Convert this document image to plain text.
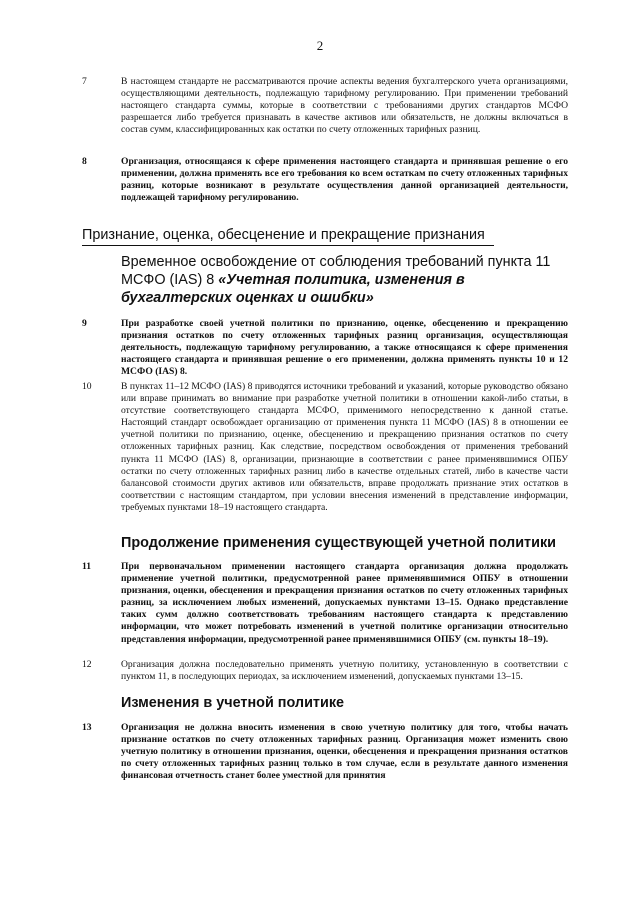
2
7	В настоящем стандарте не рассматриваются прочие аспекты ведения бухгалтерского учета организациями, осуществляющими деятельность, подлежащую тарифному регулированию. При применении требований настоящего стандарта суммы, которые в соответствии с требованиями других стандартов МСФО разрешается либо требуется признавать в качестве активов или обязательств, не должны включаться в состав сумм, классифицированных как остатки по счету отложенных тарифных разниц.
8	Организация, относящаяся к сфере применения настоящего стандарта и принявшая решение о его применении, должна применять все его требования ко всем остаткам по счету отложенных тарифных разниц, которые возникают в результате осуществления данной организацией деятельности, подлежащей тарифному регулированию.
Признание, оценка, обесценение и прекращение признания
Временное освобождение от соблюдения требований пункта 11 МСФО (IAS) 8 «Учетная политика, изменения в бухгалтерских оценках и ошибки»
9	При разработке своей учетной политики по признанию, оценке, обесценению и прекращению признания остатков по счету отложенных тарифных разниц организация, осуществляющая деятельность, подлежащую тарифному регулированию, а также относящаяся к сфере применения настоящего стандарта и принявшая решение о его применении, должна применять пункты 10 и 12 МСФО (IAS) 8.
10	В пунктах 11–12 МСФО (IAS) 8 приводятся источники требований и указаний, которые руководство обязано или вправе принимать во внимание при разработке учетной политики в отношении какой-либо статьи, в отсутствие соответствующего стандарта МСФО, применимого непосредственно к данной статье. Настоящий стандарт освобождает организацию от применения пункта 11 МСФО (IAS) 8 в отношении ее учетной политики по признанию, оценке, обесценению и прекращению признания остатков по счету отложенных тарифных разниц. Как следствие, посредством освобождения от применения требований пункта 11 МСФО (IAS) 8, организации, признающие в соответствии с ранее применявшимися ОПБУ остатки по счету отложенных тарифных разниц либо в качестве отдельных статей, либо в качестве части балансовой стоимости других активов или обязательств, вправе продолжать признание этих остатков в соответствии с настоящим стандартом, при условии внесения изменений в представление информации, требуемых пунктами 18–19 настоящего стандарта.
Продолжение применения существующей учетной политики
11	При первоначальном применении настоящего стандарта организация должна продолжать применение учетной политики, предусмотренной ранее применявшимися ОПБУ в отношении признания, оценки, обесценения и прекращения признания остатков по счету отложенных тарифных разниц, за исключением любых изменений, допускаемых пунктами 13–15. Однако представление таких сумм должно соответствовать требованиям настоящего стандарта к представлению информации, что может потребовать изменений в учетной политике организации относительно представления информации, предусмотренной ранее применявшимися ОПБУ (см. пункты 18–19).
12	Организация должна последовательно применять учетную политику, установленную в соответствии с пунктом 11, в последующих периодах, за исключением изменений, допускаемых пунктами 13–15.
Изменения в учетной политике
13	Организация не должна вносить изменения в свою учетную политику для того, чтобы начать признание остатков по счету отложенных тарифных разниц. Организация может изменить свою учетную политику в отношении признания, оценки, обесценения и прекращения признания остатков по счету отложенных тарифных разниц только в том случае, если в результате данного изменения финансовая отчетность станет более уместной для принятия
